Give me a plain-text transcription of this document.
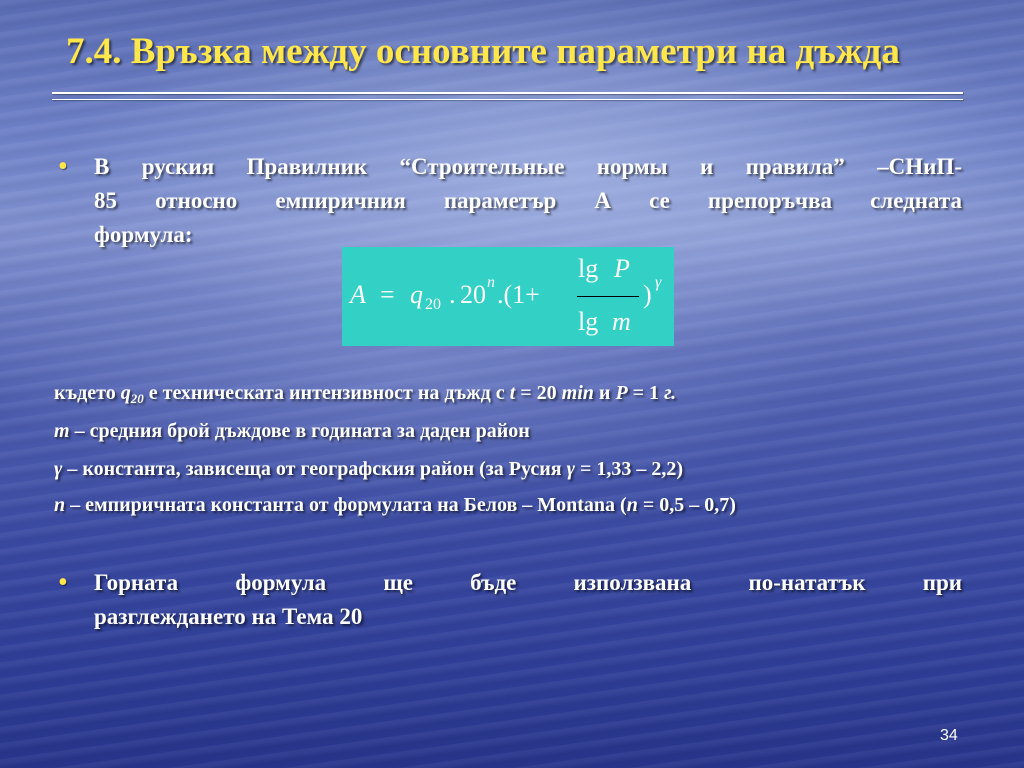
7.4. Връзка между основните параметри на дъжда
• В руския Правилник “Строительные нормы и правила” –СНиП-
85 относно емпиричния параметър А се препоръчва следната
формула:
A = q 20 . 20 n .(1+
lg P
lg m
) γ
където $q_{20}$ е техническата интензивност на дъжд с t = 20 min и P = 1 г.
m – средния брой дъждове в годината за даден район
γ – константа, зависеща от географския район (за Русия γ = 1,33 – 2,2)
n – емпиричната константа от формулата на Белов – Montana (n = 0,5 – 0,7)
• Горната формула ще бъде използвана по-нататък при
разглеждането на Тема 20
34
